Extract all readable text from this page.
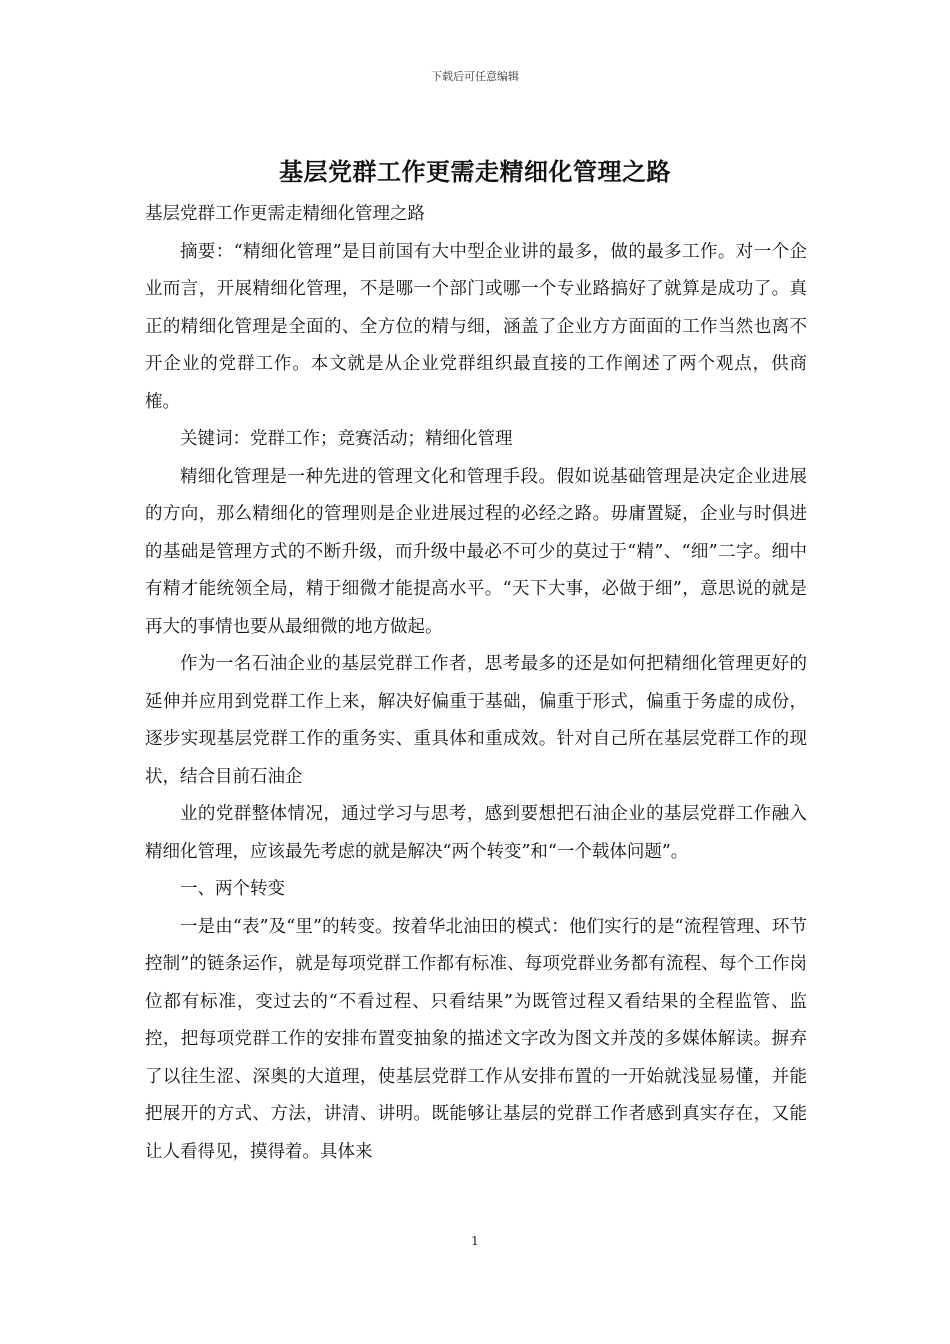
下载后可任意编辑
基层党群工作更需走精细化管理之路

基层党群工作更需走精细化管理之路

摘要：“精细化管理”是目前国有大中型企业讲的最多，做的最多工作。对一个企业而言，开展精细化管理，不是哪一个部门或哪一个专业路搞好了就算是成功了。真正的精细化管理是全面的、全方位的精与细，涵盖了企业方方面面的工作当然也离不开企业的党群工作。本文就是从企业党群组织最直接的工作阐述了两个观点，供商榷。

关键词：党群工作；竞赛活动；精细化管理

精细化管理是一种先进的管理文化和管理手段。假如说基础管理是决定企业进展的方向，那么精细化的管理则是企业进展过程的必经之路。毋庸置疑，企业与时俱进的基础是管理方式的不断升级，而升级中最必不可少的莫过于“精”、“细”二字。细中有精才能统领全局，精于细微才能提高水平。“天下大事，必做于细”，意思说的就是再大的事情也要从最细微的地方做起。

作为一名石油企业的基层党群工作者，思考最多的还是如何把精细化管理更好的延伸并应用到党群工作上来，解决好偏重于基础，偏重于形式，偏重于务虚的成份，逐步实现基层党群工作的重务实、重具体和重成效。针对自己所在基层党群工作的现状，结合目前石油企

业的党群整体情况，通过学习与思考，感到要想把石油企业的基层党群工作融入精细化管理，应该最先考虑的就是解决“两个转变”和“一个载体问题”。

一、两个转变

一是由“表”及“里”的转变。按着华北油田的模式：他们实行的是“流程管理、环节控制”的链条运作，就是每项党群工作都有标准、每项党群业务都有流程、每个工作岗位都有标准，变过去的“不看过程、只看结果”为既管过程又看结果的全程监管、监控，把每项党群工作的安排布置变抽象的描述文字改为图文并茂的多媒体解读。摒弃了以往生涩、深奥的大道理，使基层党群工作从安排布置的一开始就浅显易懂，并能把展开的方式、方法，讲清、讲明。既能够让基层的党群工作者感到真实存在，又能让人看得见，摸得着。具体来

1
